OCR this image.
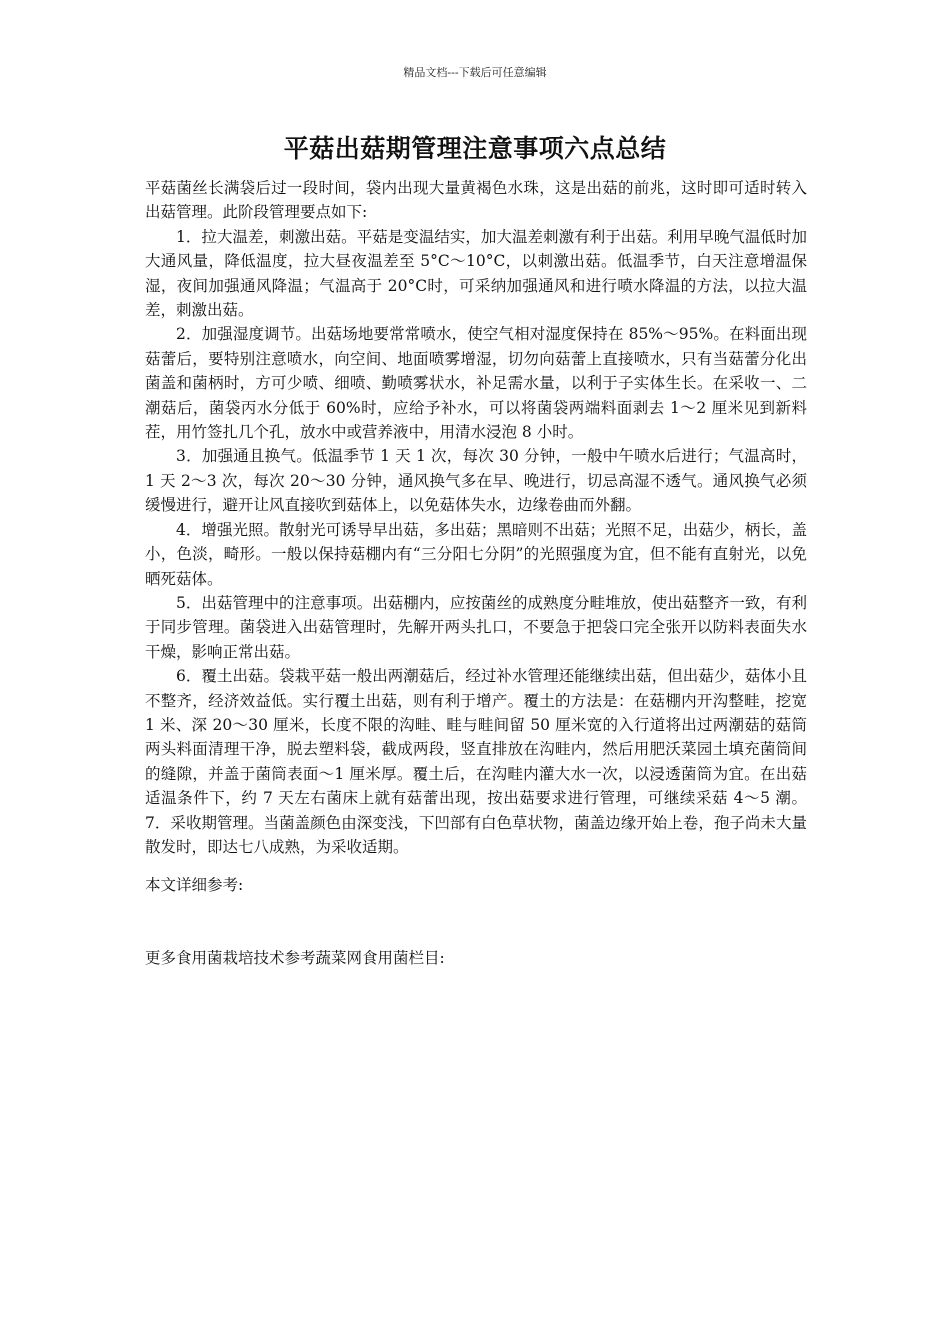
精品文档---下载后可任意编辑
平菇出菇期管理注意事项六点总结

平菇菌丝长满袋后过一段时间，袋内出现大量黄褐色水珠，这是出菇的前兆，这时即可适时转入出菇管理。此阶段管理要点如下:

1．拉大温差，刺激出菇。平菇是变温结实，加大温差刺激有利于出菇。利用早晚气温低时加大通风量，降低温度，拉大昼夜温差至 5°C～10°C，以刺激出菇。低温季节，白天注意增温保湿，夜间加强通风降温；气温高于 20°C时，可采纳加强通风和进行喷水降温的方法，以拉大温差，刺激出菇。

2．加强湿度调节。出菇场地要常常喷水，使空气相对湿度保持在 85%～95%。在料面出现菇蕾后，要特别注意喷水，向空间、地面喷雾增湿，切勿向菇蕾上直接喷水，只有当菇蕾分化出菌盖和菌柄时，方可少喷、细喷、勤喷雾状水，补足需水量，以利于子实体生长。在采收一、二潮菇后，菌袋丙水分低于 60%时，应给予补水，可以将菌袋两端料面剥去 1～2 厘米见到新料茬，用竹签扎几个孔，放水中或营养液中，用清水浸泡 8 小时。

3．加强通且换气。低温季节 1 天 1 次，每次 30 分钟，一般中午喷水后进行；气温高时，1 天 2～3 次，每次 20～30 分钟，通风换气多在早、晚进行，切忌高湿不透气。通风换气必须缓慢进行，避开让风直接吹到菇体上，以免菇体失水，边缘卷曲而外翻。

4．增强光照。散射光可诱导早出菇，多出菇；黑暗则不出菇；光照不足，出菇少，柄长，盖小，色淡，畸形。一般以保持菇棚内有“三分阳七分阴”的光照强度为宜，但不能有直射光，以免晒死菇体。

5．出菇管理中的注意事项。出菇棚内，应按菌丝的成熟度分畦堆放，使出菇整齐一致，有利于同步管理。菌袋进入出菇管理时，先解开两头扎口，不要急于把袋口完全张开以防料表面失水干燥，影响正常出菇。

6．覆土出菇。袋栽平菇一般出两潮菇后，经过补水管理还能继续出菇，但出菇少，菇体小且不整齐，经济效益低。实行覆土出菇，则有利于增产。覆土的方法是：在菇棚内开沟整畦，挖宽 1 米、深 20～30 厘米，长度不限的沟畦、畦与畦间留 50 厘米宽的入行道将出过两潮菇的菇筒两头料面清理干净，脱去塑料袋，截成两段，竖直排放在沟畦内，然后用肥沃菜园土填充菌筒间的缝隙，并盖于菌筒表面～1 厘米厚。覆土后，在沟畦内灌大水一次，以浸透菌筒为宜。在出菇适温条件下，约 7 天左右菌床上就有菇蕾出现，按出菇要求进行管理，可继续采菇 4～5 潮。 7．采收期管理。当菌盖颜色由深变浅，下凹部有白色草状物，菌盖边缘开始上卷，孢子尚未大量散发时，即达七八成熟，为采收适期。

本文详细参考:
更多食用菌栽培技术参考蔬菜网食用菌栏目:
